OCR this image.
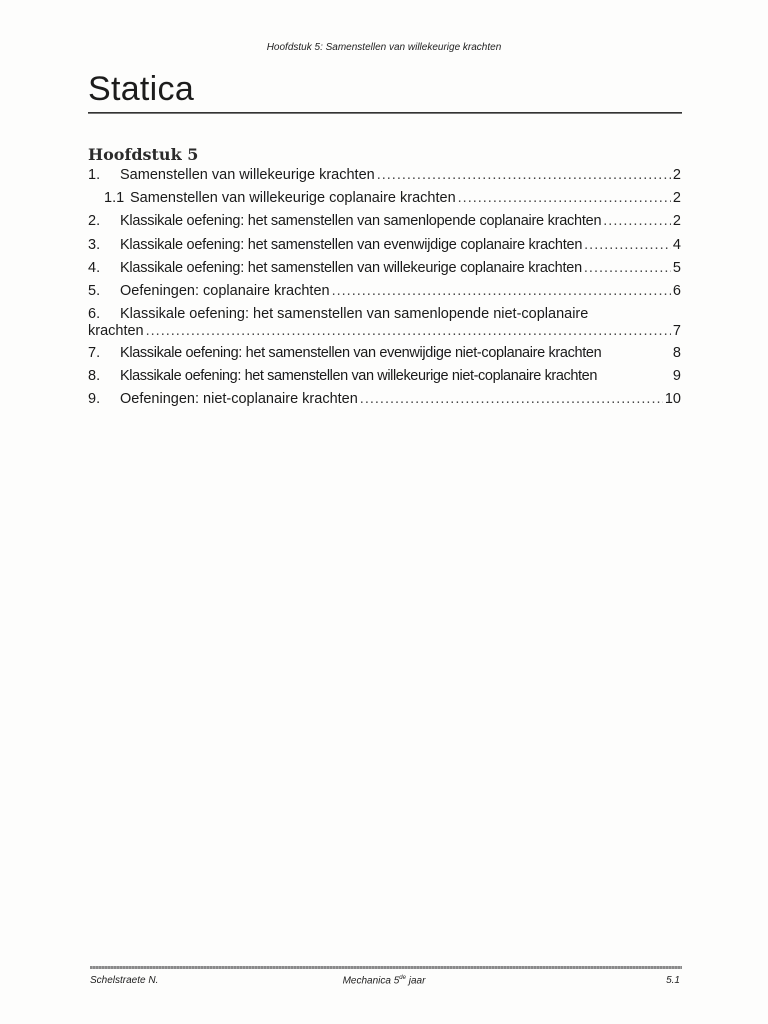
Hoofdstuk 5: Samenstellen van willekeurige krachten
Statica
Hoofdstuk 5
1.	Samenstellen van willekeurige krachten .....	2
1.1 Samenstellen van willekeurige coplanaire krachten .....	2
2.	Klassikale oefening: het samenstellen van samenlopende coplanaire krachten .....	2
3.	Klassikale oefening: het samenstellen van evenwijdige coplanaire krachten .....	4
4.	Klassikale oefening: het samenstellen van willekeurige coplanaire krachten .....	5
5.	Oefeningen: coplanaire krachten .....	6
6.	Klassikale oefening: het samenstellen van samenlopende niet-coplanaire
krachten .....	7
7.	Klassikale oefening: het samenstellen van evenwijdige niet-coplanaire krachten	8
8.	Klassikale oefening: het samenstellen van willekeurige niet-coplanaire krachten	9
9.	Oefeningen: niet-coplanaire krachten .....	10
Schelstraete N.	Mechanica 5de jaar	5.1
